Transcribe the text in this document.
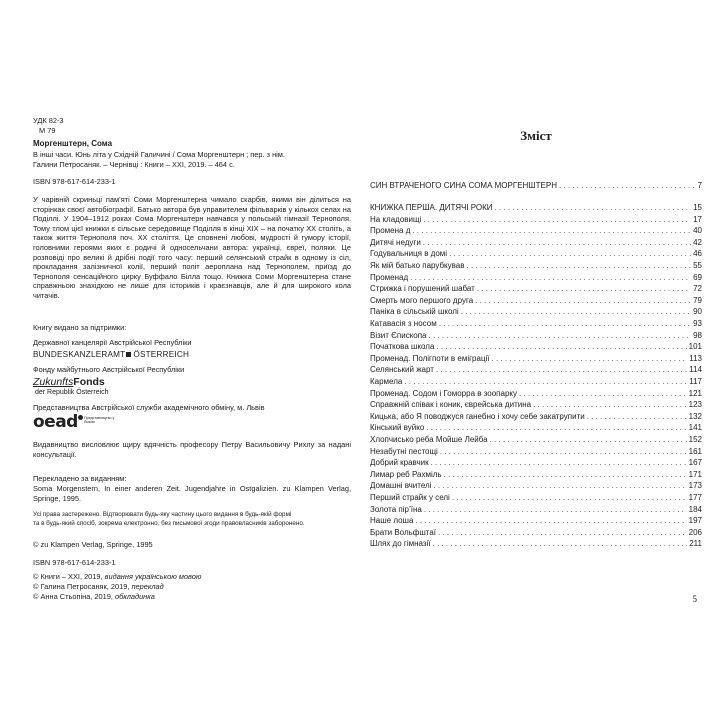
УДК 82-3
М 79
Моргенштерн, Сома
В інші часи. Юнь літа у Східній Галичині / Сома Моргенштерн ; пер. з нім.
Галини Петросаняк. – Чернівці : Книги – ХХІ, 2019. – 464 с.
ISBN 978-617-614-233-1
У чарівній скриньці пам’яті Соми Моргенштерна чимало скарбів, якими він ділиться на сторінках своєї автобіографії. Батько автора був управителем фільварків у кількох селах на Поділлі. У 1904–1912 роках Сома Моргенштерн навчався у польській гімназії Тернополя. Тому тлом цієї книжки є сільське середовище Поділля в кінці ХІХ – на початку ХХ століть, а також життя Тернополя поч. ХХ століття. Це сповнені любові, мудрості й гумору історії, головними героями яких є родичі й односельчани автора: українці, євреї, поляки. Це розповіді про великі й дрібні події того часу: перший селянський страйк в одному із сіл, прокладання залізничної колії, перший політ аероплана над Тернополем, приїзд до Тернополя сенсаційного цирку Буффало Білла тощо. Книжка Соми Моргенштерна стане справжньою знахідкою не лише для істориків і краєзнавців, але й для широкого кола читачів.
Книгу видано за підтримки:
Державної канцелярії Австрійської Республіки
BUNDESKANZLERAMT ÖSTERREICH
Фонду майбутнього Австрійської Республіки
ZukunftsFonds
der Republik Österreich
Представництва Австрійської служби академічного обміну, м. Львів
oead Представництво у Львові
Видавництво висловлює щиру вдячність професору Петру Васильовичу Рихлу за надані консультації.
Перекладено за виданням:
Soma Morgenstern, In einer anderen Zeit. Jugendjahre in Ostgalizien. zu Klampen Verlag, Springe, 1995.
Усі права застережено. Відтворювати будь-яку частину цього видання в будь-якій формі
та в будь-який спосіб, зокрема електронно, без письмової згоди правовласників заборонено.
© zu Klampen Verlag, Springe, 1995
ISBN 978-617-614-233-1
© Книги – ХХІ, 2019, видання українською мовою
© Галина Петросаняк, 2019, переклад
© Анна Стьопіна, 2019, обкладинка
Зміст
СИН ВТРАЧЕНОГО СИНА СОМА МОРГЕНШТЕРН . . .	7
КНИЖКА ПЕРША. ДИТЯЧІ РОКИ . . .	15
На кладовищі . . .	17
Промена д . . .	40
Дитячі недуги . . .	42
Годувальниця в домі . . .	46
Як мій батько парубкував . . .	55
Променад . . .	69
Стрижка і порушений шабат . . .	72
Смерть мого першого друга . . .	79
Паніка в сільській школі . . .	90
Катавасія з носом . . .	93
Візит Єпископа . . .	98
Початкова школа . . .	101
Променад. Полігпоти в еміграції . . .	113
Селянський жарт . . .	114
Кармела . . .	117
Променад. Содом і Гоморра в зоопарку . . .	121
Справжній співак і коник, єврейська дитина . . .	123
Кицька, або Я поводжуся ганебно і хочу себе закатрупити . . .	132
Кінський вуйко . . .	141
Хлопчисько реба Мойше Лейба . . .	152
Незабутні пестощі . . .	161
Добрий кравчик . . .	167
Лимар реб Рахміль . . .	171
Домашні вчителі . . .	173
Перший страйк у селі . . .	177
Золота пір’їна . . .	184
Наше лоша . . .	197
Брати Вольфштаї . . .	206
Шлях до гімназії . . .	211
5
